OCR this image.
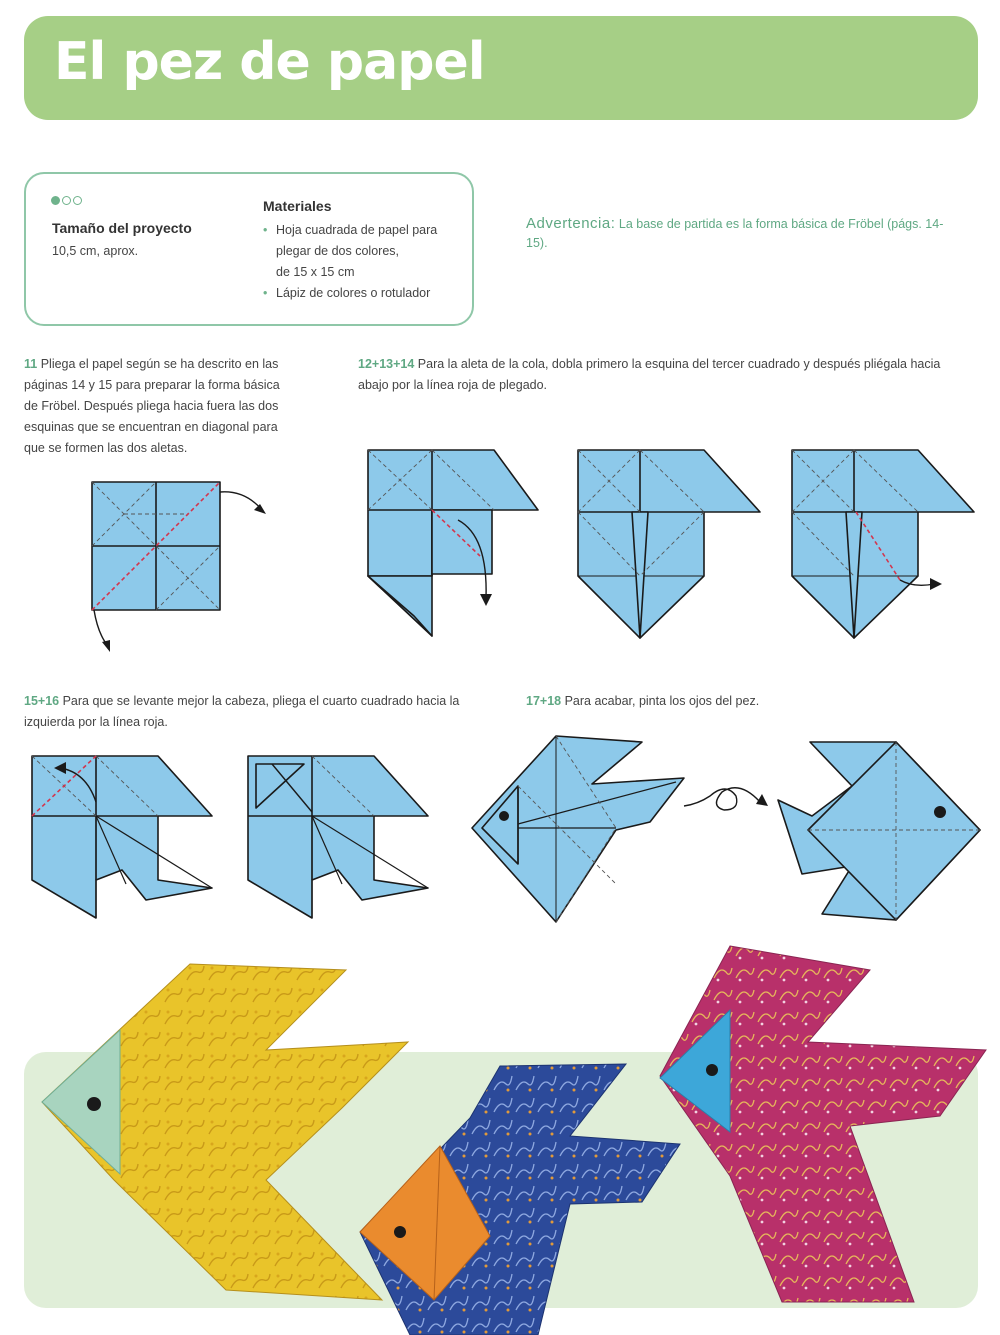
El pez de papel
Tamaño del proyecto
10,5 cm, aprox.
Materiales
• Hoja cuadrada de papel para
plegar de dos colores,
de 15 x 15 cm
• Lápiz de colores o rotulador
Advertencia: La base de partida es la forma básica de Fröbel (págs. 14-15).
11 Pliega el papel según se ha descrito en las páginas 14 y 15 para preparar la forma básica de Fröbel. Después pliega hacia fuera las dos esquinas que se encuentran en diagonal para que se formen las dos aletas.
12+13+14 Para la aleta de la cola, dobla primero la esquina del tercer cuadrado y después pliégala hacia abajo por la línea roja de plegado.
15+16 Para que se levante mejor la cabeza, pliega el cuarto cuadrado hacia la izquierda por la línea roja.
17+18 Para acabar, pinta los ojos del pez.
